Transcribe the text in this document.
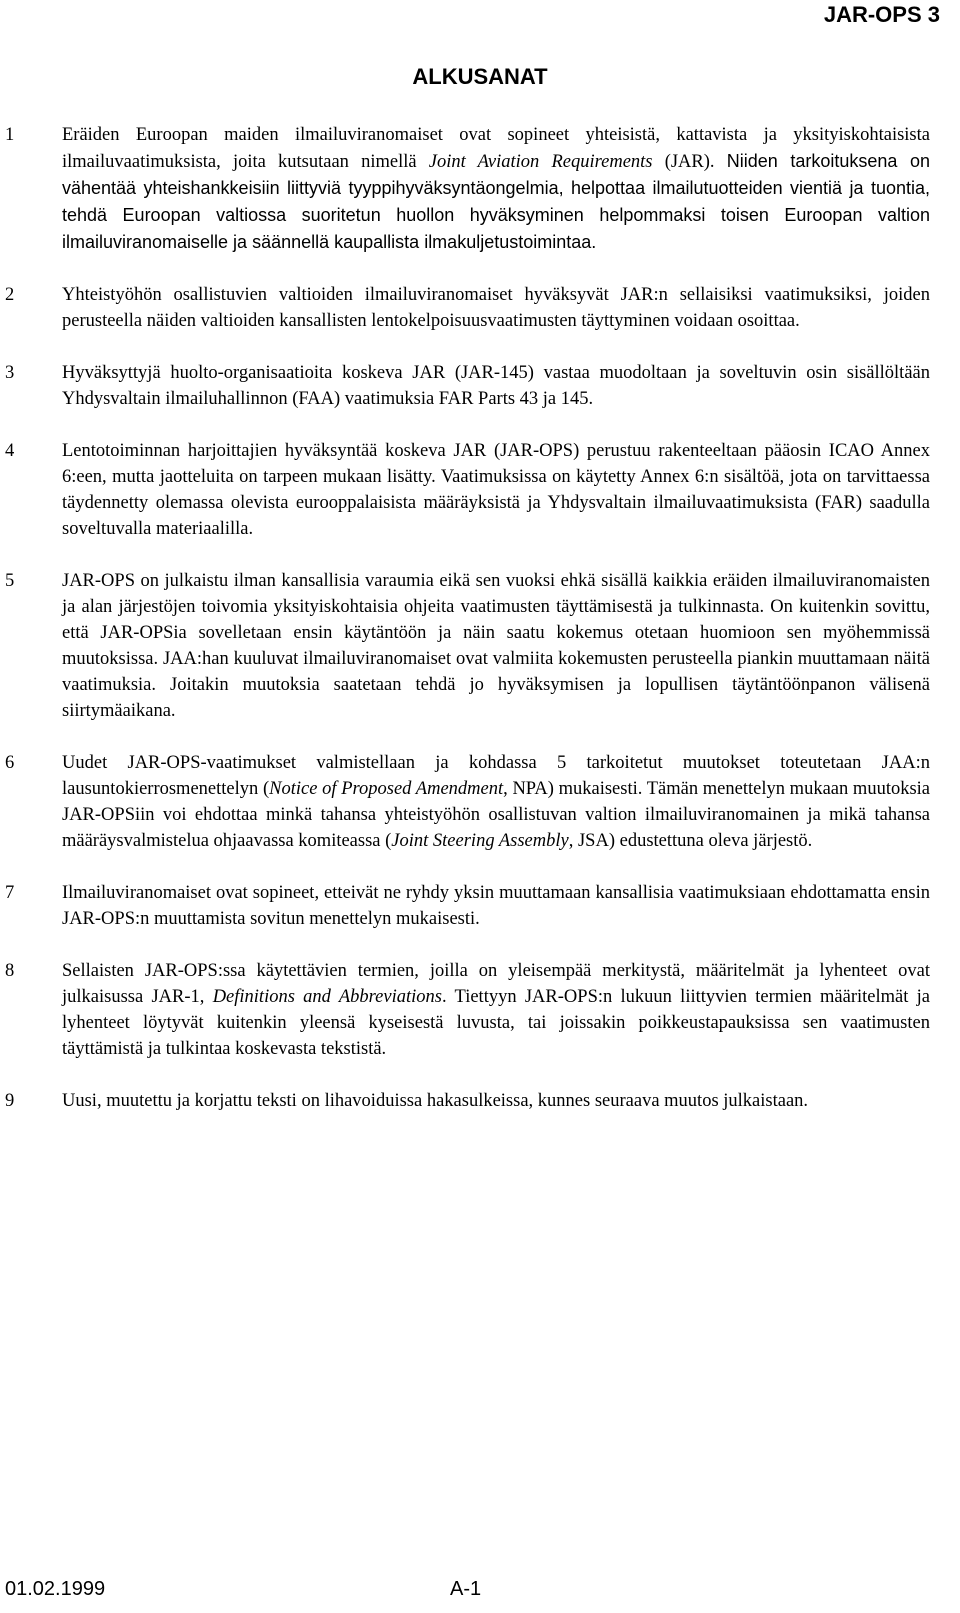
JAR-OPS 3
ALKUSANAT
1	Eräiden Euroopan maiden ilmailuviranomaiset ovat sopineet yhteisistä, kattavista ja yksityiskohtaisista ilmailuvaatimuksista, joita kutsutaan nimellä Joint Aviation Requirements (JAR). Niiden tarkoituksena on vähentää yhteishankkeisiin liittyviä tyyppihyväksyntäongelmia, helpottaa ilmailutuotteiden vientiä ja tuontia, tehdä Euroopan valtiossa suoritetun huollon hyväksyminen helpommaksi toisen Euroopan valtion ilmailuviranomaiselle ja säännellä kaupallista ilmakuljetustoimintaa.
2	Yhteistyöhön osallistuvien valtioiden ilmailuviranomaiset hyväksyvät JAR:n sellaisiksi vaatimuksiksi, joiden perusteella näiden valtioiden kansallisten lentokelpoisuusvaatimusten täyttyminen voidaan osoittaa.
3	Hyväksyttyjä huolto-organisaatioita koskeva JAR (JAR-145) vastaa muodoltaan ja soveltuvin osin sisällöltään Yhdysvaltain ilmailuhallinnon (FAA) vaatimuksia FAR Parts 43 ja 145.
4	Lentotoiminnan harjoittajien hyväksyntää koskeva JAR (JAR-OPS) perustuu rakenteeltaan pääosin ICAO Annex 6:een, mutta jaotteluita on tarpeen mukaan lisätty. Vaatimuksissa on käytetty Annex 6:n sisältöä, jota on tarvittaessa täydennetty olemassa olevista eurooppalaisista määräyksistä ja Yhdysvaltain ilmailuvaatimuksista (FAR) saadulla soveltuvalla materiaalilla.
5	JAR-OPS on julkaistu ilman kansallisia varaumia eikä sen vuoksi ehkä sisällä kaikkia eräiden ilmailuviranomaisten ja alan järjestöjen toivomia yksityiskohtaisia ohjeita vaatimusten täyttämisestä ja tulkinnasta. On kuitenkin sovittu, että JAR-OPSia sovelletaan ensin käytäntöön ja näin saatu kokemus otetaan huomioon sen myöhemmissä muutoksissa. JAA:han kuuluvat ilmailuviranomaiset ovat valmiita kokemusten perusteella piankin muuttamaan näitä vaatimuksia. Joitakin muutoksia saatetaan tehdä jo hyväksymisen ja lopullisen täytäntöönpanon välisenä siirtymäaikana.
6	Uudet JAR-OPS-vaatimukset valmistellaan ja kohdassa 5 tarkoitetut muutokset toteutetaan JAA:n lausuntokierrosmenettelyn (Notice of Proposed Amendment, NPA) mukaisesti. Tämän menettelyn mukaan muutoksia JAR-OPSiin voi ehdottaa minkä tahansa yhteistyöhön osallistuvan valtion ilmailuviranomainen ja mikä tahansa määräysvalmistelua ohjaavassa komiteassa (Joint Steering Assembly, JSA) edustettuna oleva järjestö.
7	Ilmailuviranomaiset ovat sopineet, etteivät ne ryhdy yksin muuttamaan kansallisia vaatimuksiaan ehdottamatta ensin JAR-OPS:n muuttamista sovitun menettelyn mukaisesti.
8	Sellaisten JAR-OPS:ssa käytettävien termien, joilla on yleisempää merkitystä, määritelmät ja lyhenteet ovat julkaisussa JAR-1, Definitions and Abbreviations. Tiettyyn JAR-OPS:n lukuun liittyvien termien määritelmät ja lyhenteet löytyvät kuitenkin yleensä kyseisestä luvusta, tai joissakin poikkeustapauksissa sen vaatimusten täyttämistä ja tulkintaa koskevasta tekstistä.
9	Uusi, muutettu ja korjattu teksti on lihavoiduissa hakasulkeissa, kunnes seuraava muutos julkaistaan.
01.02.1999	A-1
